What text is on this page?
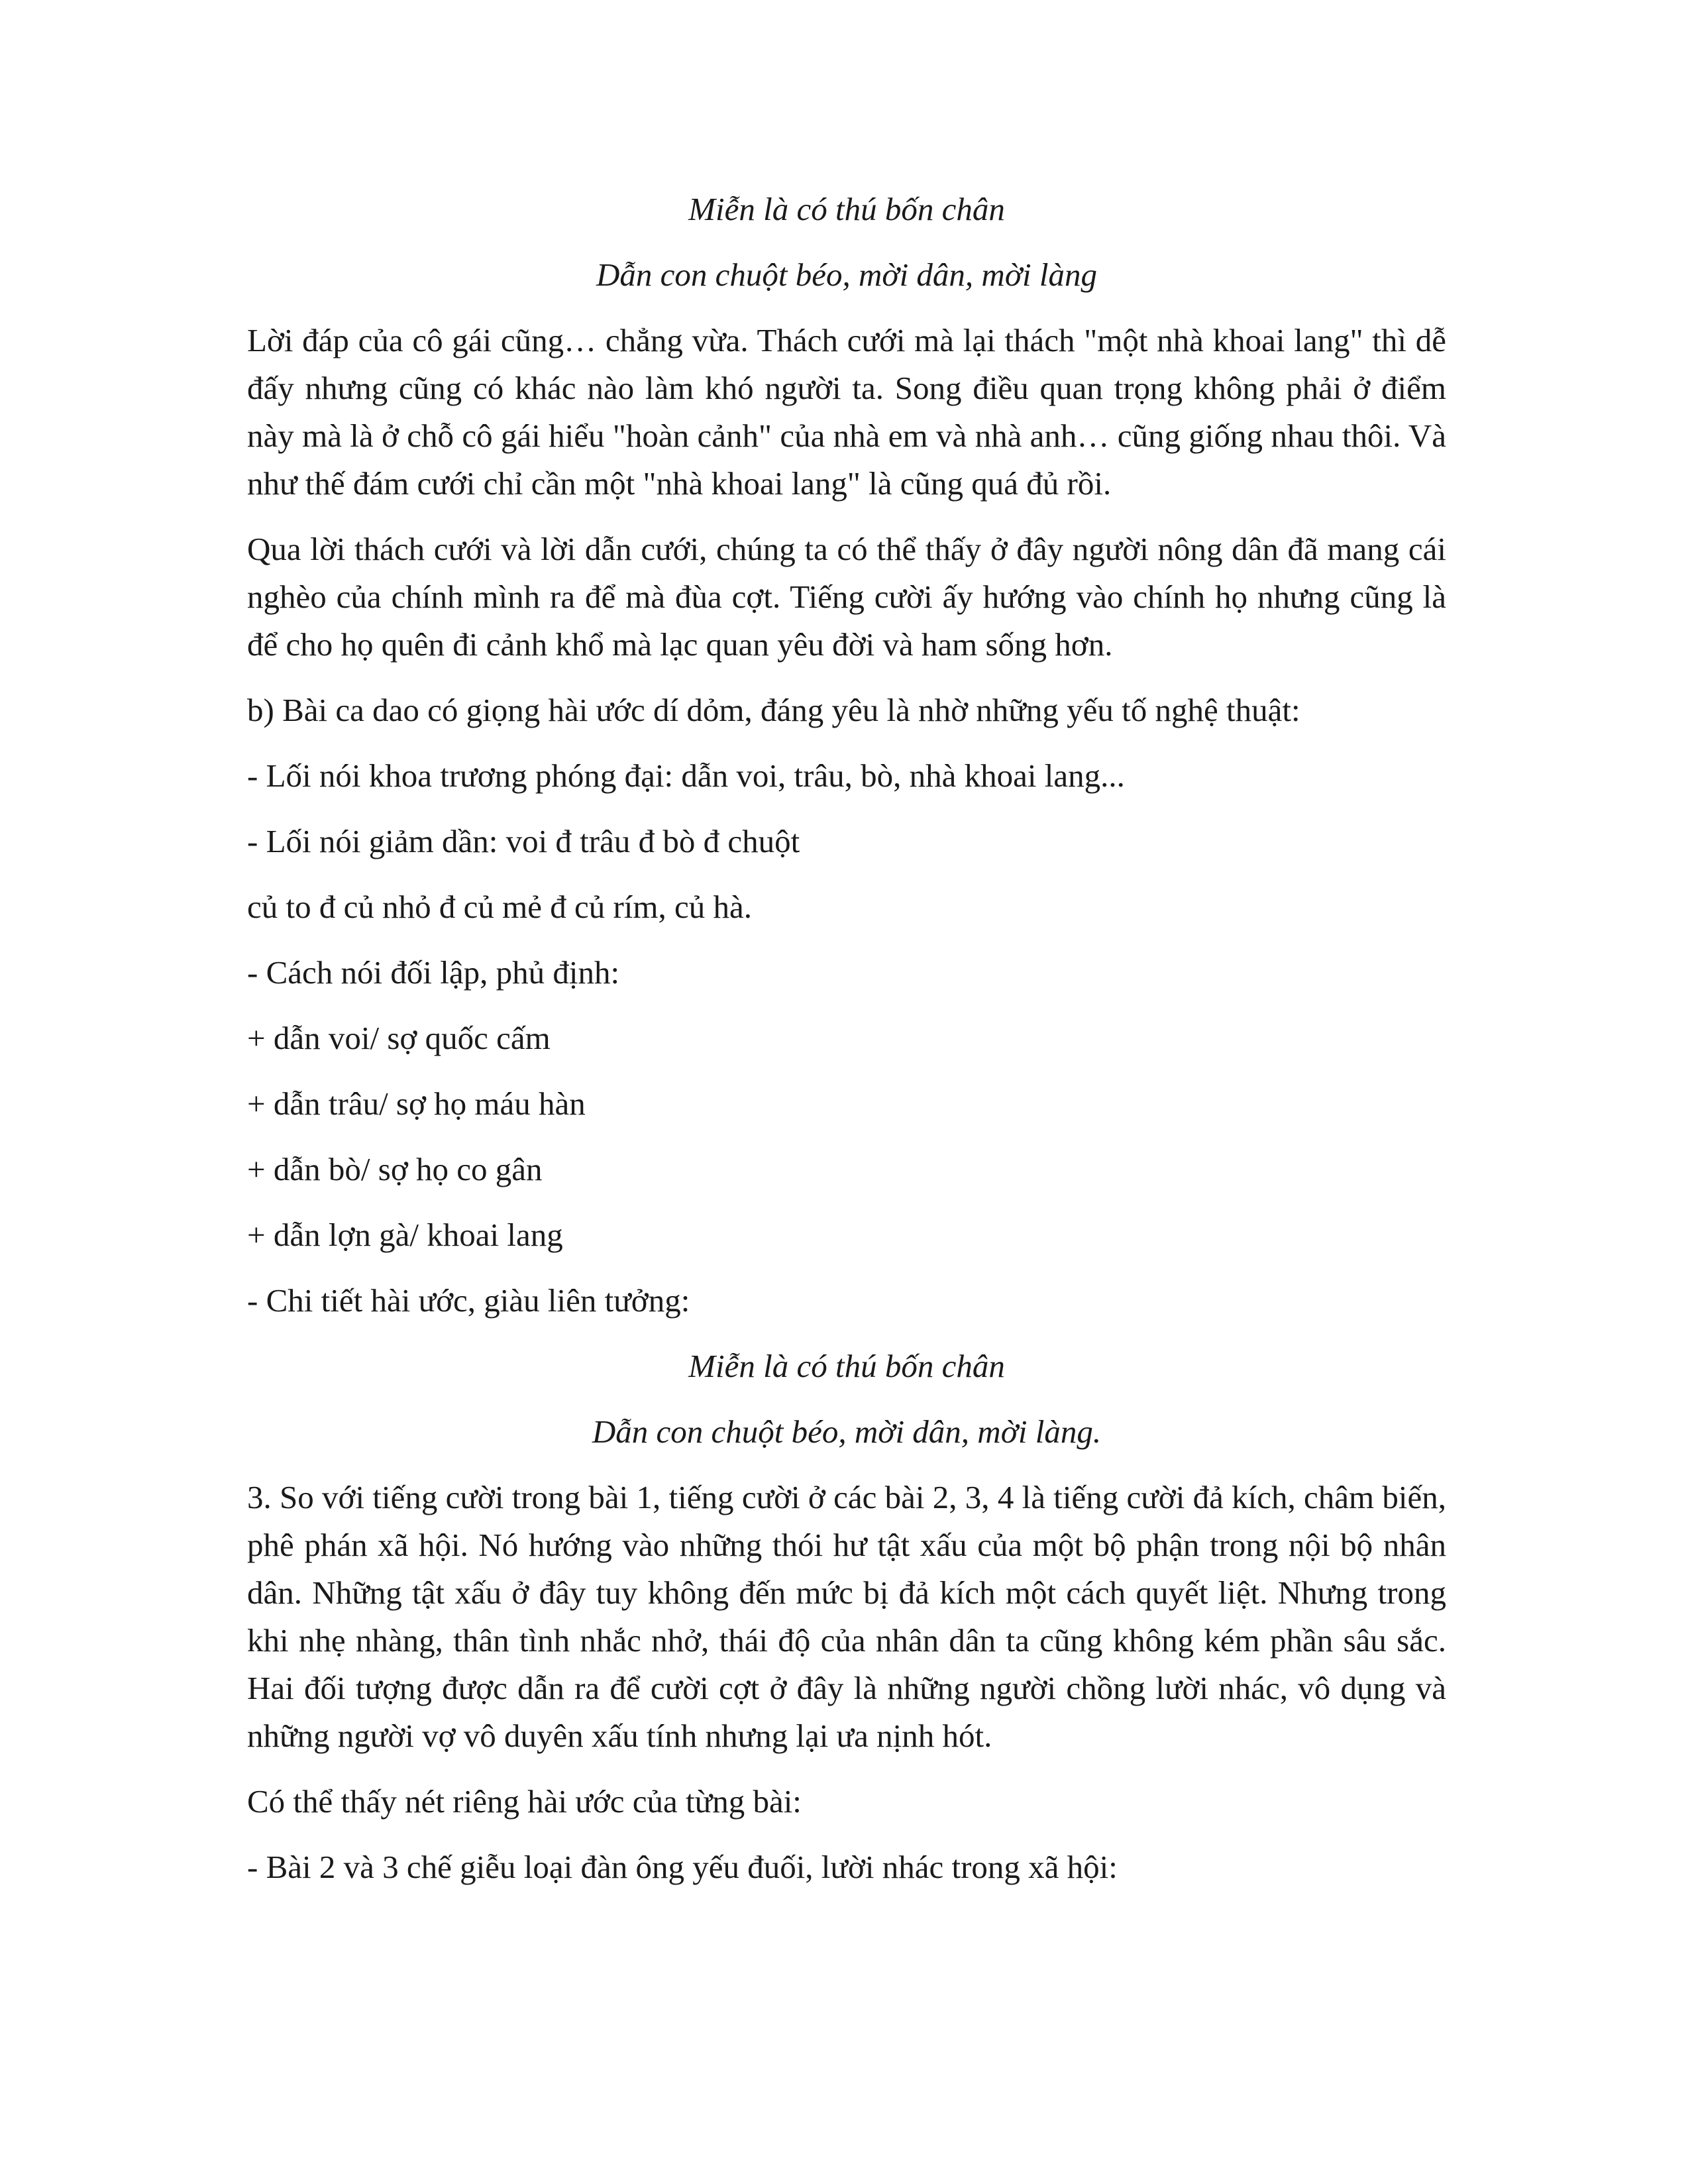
Miễn là có thú bốn chân
Dẫn con chuột béo, mời dân, mời làng

Lời đáp của cô gái cũng… chẳng vừa. Thách cưới mà lại thách "một nhà khoai lang" thì dễ đấy nhưng cũng có khác nào làm khó người ta. Song điều quan trọng không phải ở điểm này mà là ở chỗ cô gái hiểu "hoàn cảnh" của nhà em và nhà anh… cũng giống nhau thôi. Và như thế đám cưới chỉ cần một "nhà khoai lang" là cũng quá đủ rồi.

Qua lời thách cưới và lời dẫn cưới, chúng ta có thể thấy ở đây người nông dân đã mang cái nghèo của chính mình ra để mà đùa cợt. Tiếng cười ấy hướng vào chính họ nhưng cũng là để cho họ quên đi cảnh khổ mà lạc quan yêu đời và ham sống hơn.

b) Bài ca dao có giọng hài ước dí dỏm, đáng yêu là nhờ những yếu tố nghệ thuật:
- Lối nói khoa trương phóng đại: dẫn voi, trâu, bò, nhà khoai lang...
- Lối nói giảm dần: voi đ trâu đ bò đ chuột
củ to đ củ nhỏ đ củ mẻ đ củ rím, củ hà.
- Cách nói đối lập, phủ định:
+ dẫn voi/ sợ quốc cấm
+ dẫn trâu/ sợ họ máu hàn
+ dẫn bò/ sợ họ co gân
+ dẫn lợn gà/ khoai lang
- Chi tiết hài ước, giàu liên tưởng:
Miễn là có thú bốn chân
Dẫn con chuột béo, mời dân, mời làng.

3. So với tiếng cười trong bài 1, tiếng cười ở các bài 2, 3, 4 là tiếng cười đả kích, châm biến, phê phán xã hội. Nó hướng vào những thói hư tật xấu của một bộ phận trong nội bộ nhân dân. Những tật xấu ở đây tuy không đến mức bị đả kích một cách quyết liệt. Nhưng trong khi nhẹ nhàng, thân tình nhắc nhở, thái độ của nhân dân ta cũng không kém phần sâu sắc. Hai đối tượng được dẫn ra để cười cợt ở đây là những người chồng lười nhác, vô dụng và những người vợ vô duyên xấu tính nhưng lại ưa nịnh hót.

Có thể thấy nét riêng hài ước của từng bài:
- Bài 2 và 3 chế giễu loại đàn ông yếu đuối, lười nhác trong xã hội:
